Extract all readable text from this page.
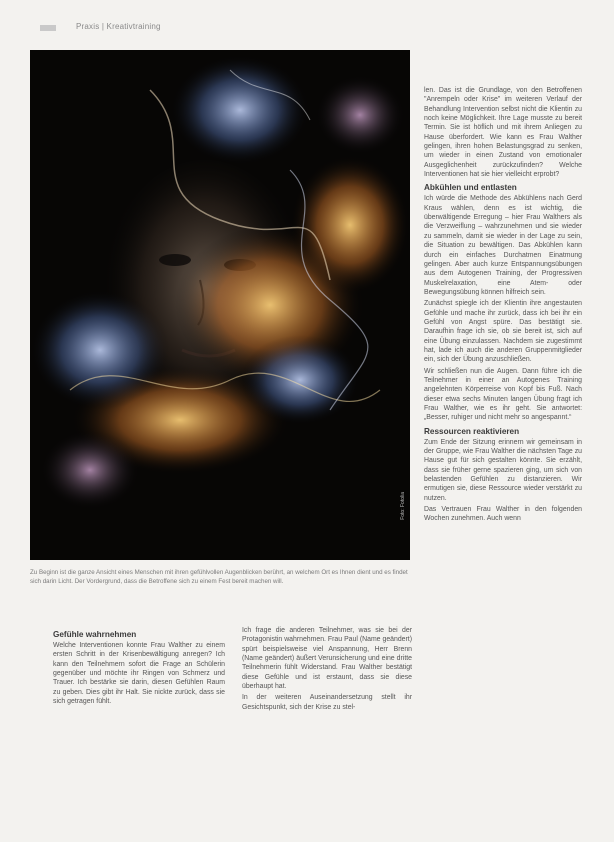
Praxis | Kreativtraining
Foto: Fotolia
Zu Beginn ist die ganze Ansicht eines Menschen mit ihren gefühlvollen Augenblicken berührt, an welchem Ort es Ihnen dient und es findet sich darin Licht. Der Vordergrund, dass die Betroffene sich zu einem Fest bereit machen will.
Gefühle wahrnehmen

Welche Interventionen konnte Frau Walther zu einem ersten Schritt in der Krisenbewältigung anregen? Ich kann den Teilnehmern sofort die Frage an Schülerin gegenüber und möchte ihr Ringen von Schmerz und Trauer. Ich bestärke sie darin, diesen Gefühlen Raum zu geben. Dies gibt ihr Halt. Sie nickte zurück, dass sie sich getragen fühlt.

Ich frage die anderen Teilnehmer, was sie bei der Protagonistin wahrnehmen. Frau Paul (Name geändert) spürt beispielsweise viel Anspannung, Herr Brenn (Name geändert) äußert Verunsicherung und eine dritte Teilnehmerin fühlt Widerstand. Frau Walther bestätigt diese Gefühle und ist erstaunt, dass sie diese überhaupt hat.

In der weiteren Auseinandersetzung stellt ihr Gesichtspunkt, sich der Krise zu stel-

len. Das ist die Grundlage, von den Betroffenen "Anrempeln oder Krise" im weiteren Verlauf der Behandlung Intervention selbst nicht die Klientin zu noch keine Möglichkeit. Ihre Lage musste zu bereit Termin. Sie ist höflich und mit ihrem Anliegen zu Hause überfordert. Wie kann es Frau Walther gelingen, ihren hohen Belastungsgrad zu senken, um wieder in einen Zustand von emotionaler Ausgeglichenheit zurückzufinden? Welche Interventionen hat sie hier vielleicht erprobt?

Abkühlen und entlasten

Ich würde die Methode des Abkühlens nach Gerd Kraus wählen, denn es ist wichtig, die überwältigende Erregung – hier Frau Walthers als die Verzweiflung – wahrzunehmen und sie wieder zu sammeln, damit sie wieder in der Lage zu sein, die Situation zu bewältigen. Das Abkühlen kann durch ein einfaches Durchatmen Einatmung gelingen. Aber auch kurze Entspannungsübungen aus dem Autogenen Training, der Progressiven Muskelrelaxation, eine Atem- oder Bewegungsübung können hilfreich sein.

Zunächst spiegle ich der Klientin ihre angestauten Gefühle und mache ihr zurück, dass ich bei ihr ein Gefühl von Angst spüre. Das bestätigt sie. Daraufhin frage ich sie, ob sie bereit ist, sich auf eine Übung einzulassen. Nachdem sie zugestimmt hat, lade ich auch die anderen Gruppenmitglieder ein, sich der Übung anzuschließen.

Wir schließen nun die Augen. Dann führe ich die Teilnehmer in einer an Autogenes Training angelehnten Körperreise von Kopf bis Fuß. Nach dieser etwa sechs Minuten langen Übung fragt ich Frau Walther, wie es ihr geht. Sie antwortet: „Besser, ruhiger und nicht mehr so angespannt.“

Ressourcen reaktivieren

Zum Ende der Sitzung erinnern wir gemeinsam in der Gruppe, wie Frau Walther die nächsten Tage zu Hause gut für sich gestalten könnte. Sie erzählt, dass sie früher gerne spazieren ging, um sich von belastenden Gefühlen zu distanzieren. Wir ermutigen sie, diese Ressource wieder verstärkt zu nutzen.

Das Vertrauen Frau Walther in den folgenden Wochen zunehmen. Auch wenn
